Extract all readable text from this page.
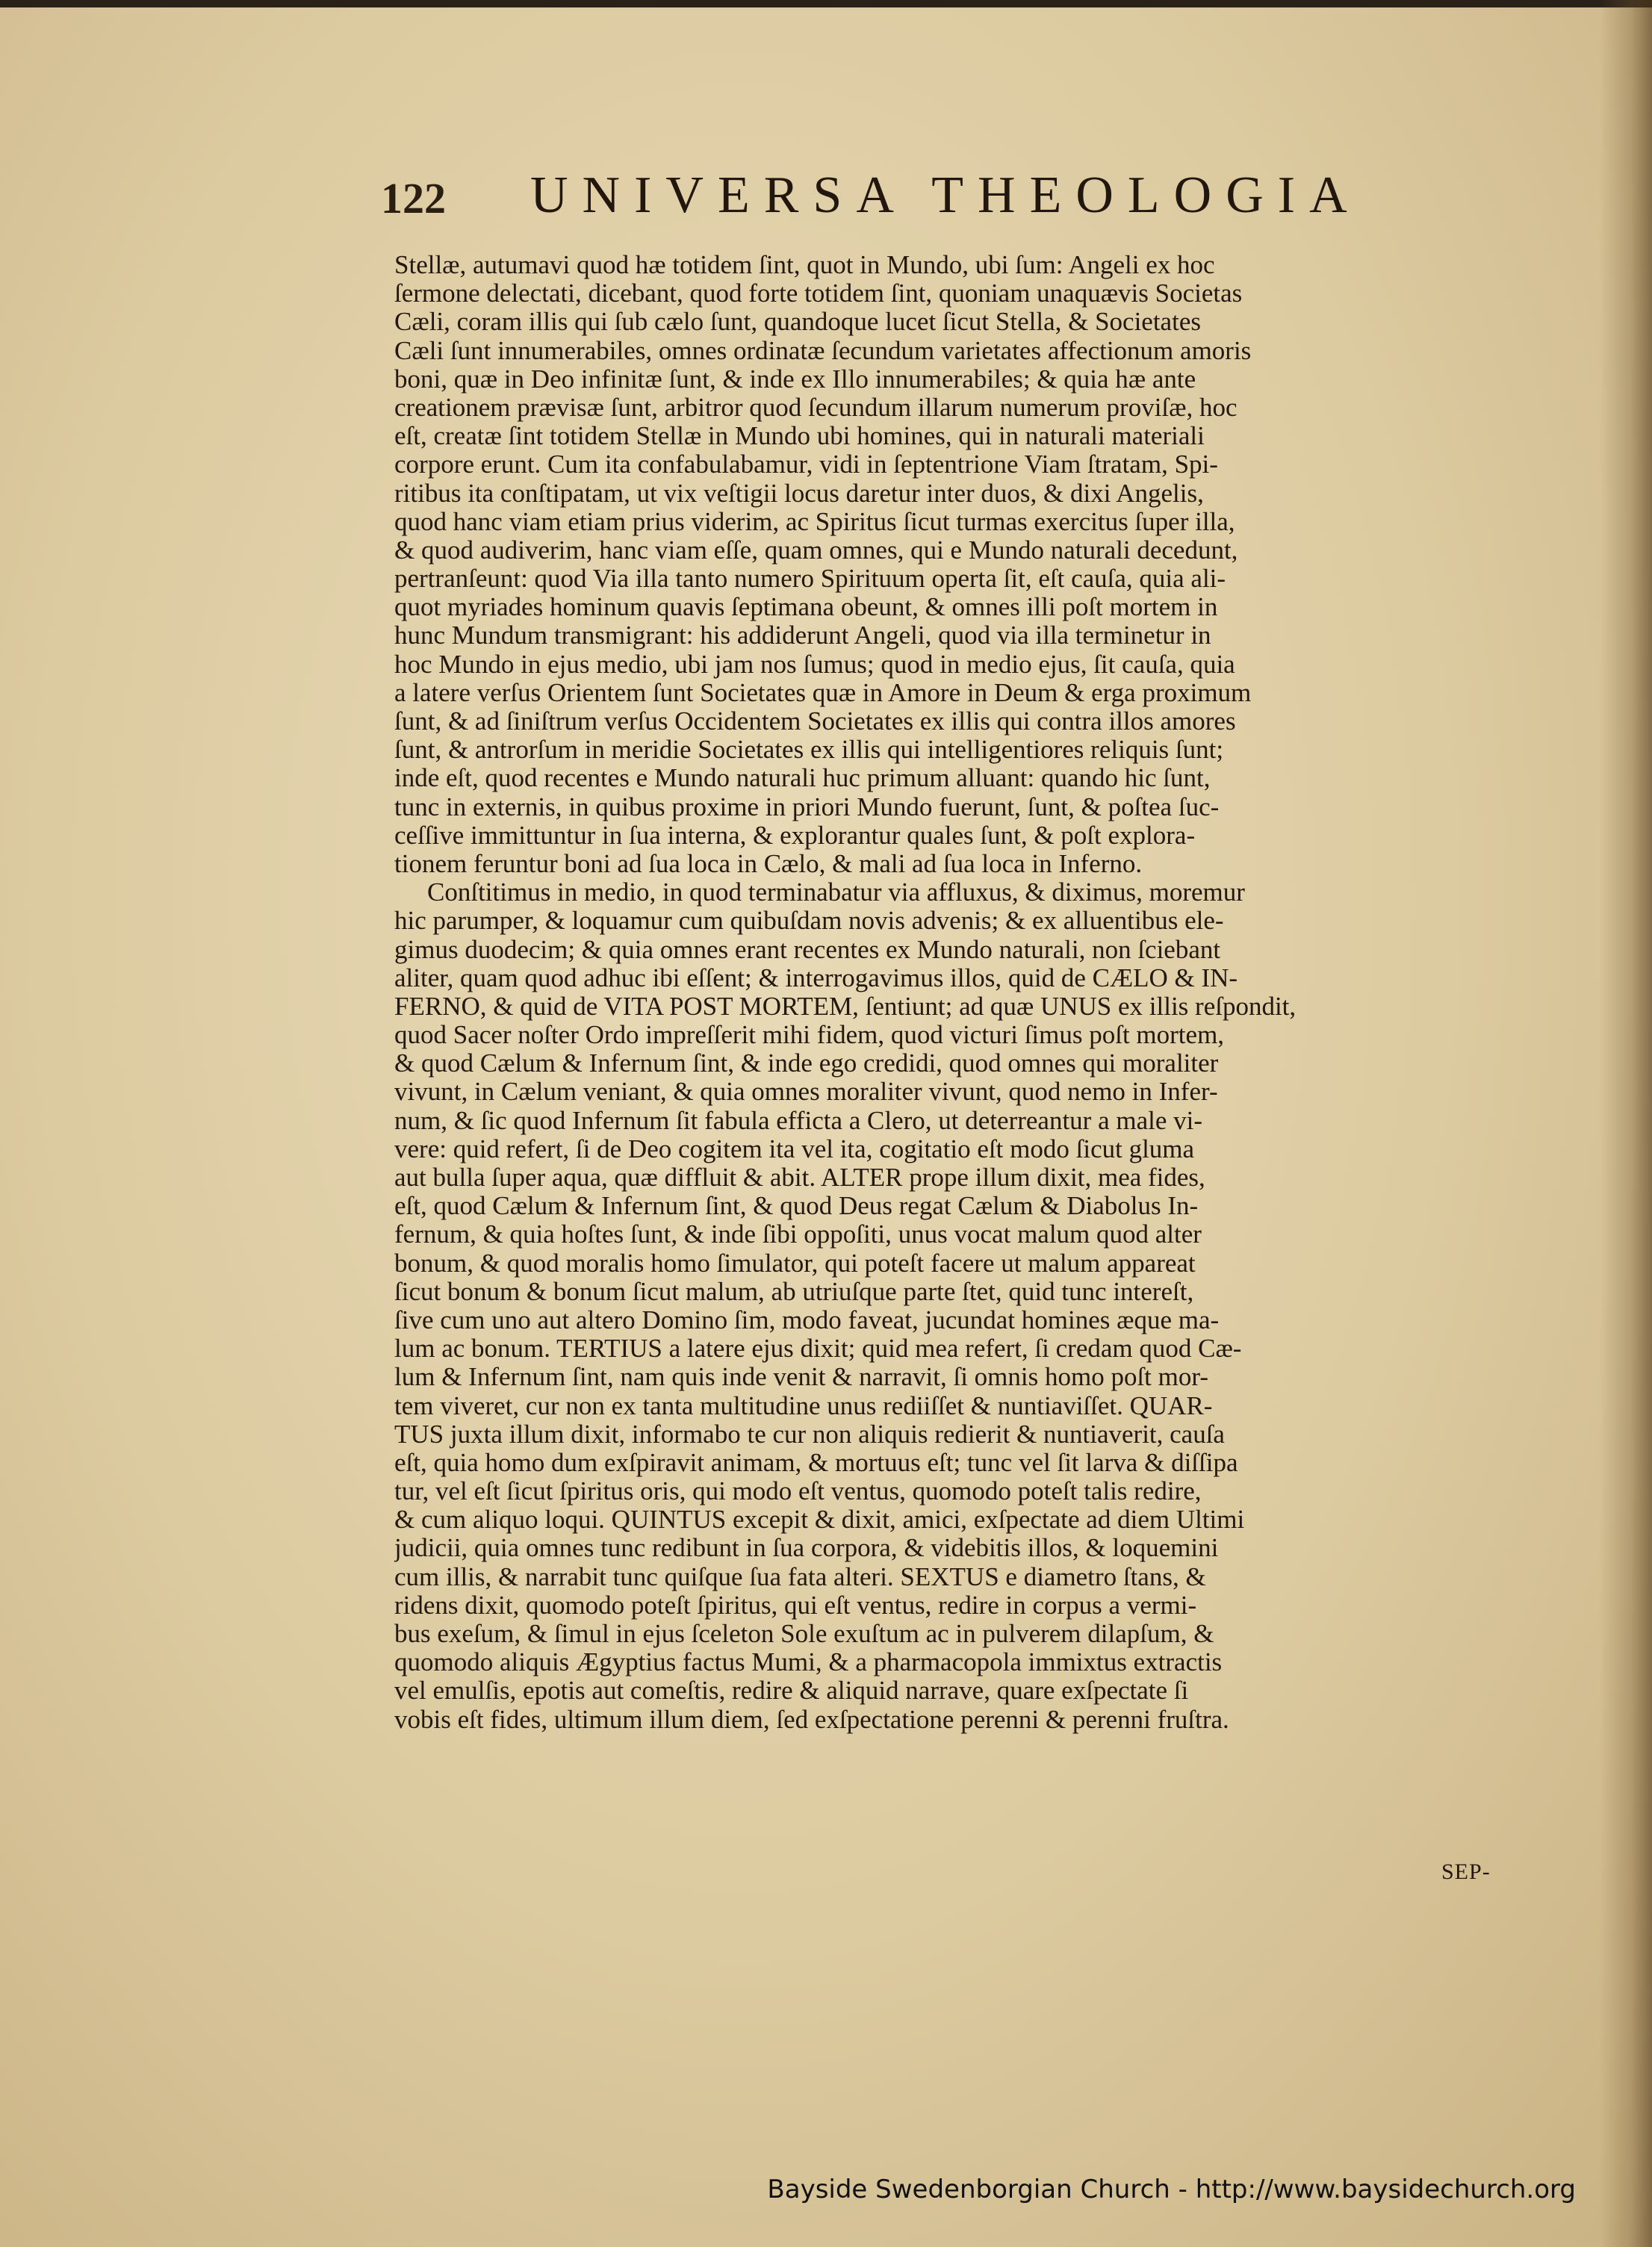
122 UNIVERSA THEOLOGIA
Stellæ, autumavi quod hæ totidem ſint, quot in Mundo, ubi ſum: Angeli ex hoc
ſermone delectati, dicebant, quod forte totidem ſint, quoniam unaquævis Societas
Cæli, coram illis qui ſub cælo ſunt, quandoque lucet ſicut Stella, & Societates
Cæli ſunt innumerabiles, omnes ordinatæ ſecundum varietates affectionum amoris
boni, quæ in Deo infinitæ ſunt, & inde ex Illo innumerabiles; & quia hæ ante
creationem prævisæ ſunt, arbitror quod ſecundum illarum numerum proviſæ, hoc
eſt, creatæ ſint totidem Stellæ in Mundo ubi homines, qui in naturali materiali
corpore erunt. Cum ita confabulabamur, vidi in ſeptentrione Viam ſtratam, Spi-
ritibus ita conſtipatam, ut vix veſtigii locus daretur inter duos, & dixi Angelis,
quod hanc viam etiam prius viderim, ac Spiritus ſicut turmas exercitus ſuper illa,
& quod audiverim, hanc viam eſſe, quam omnes, qui e Mundo naturali decedunt,
pertranſeunt: quod Via illa tanto numero Spirituum operta ſit, eſt cauſa, quia ali-
quot myriades hominum quavis ſeptimana obeunt, & omnes illi poſt mortem in
hunc Mundum transmigrant: his addiderunt Angeli, quod via illa terminetur in
hoc Mundo in ejus medio, ubi jam nos ſumus; quod in medio ejus, ſit cauſa, quia
a latere verſus Orientem ſunt Societates quæ in Amore in Deum & erga proximum
ſunt, & ad ſiniſtrum verſus Occidentem Societates ex illis qui contra illos amores
ſunt, & antrorſum in meridie Societates ex illis qui intelligentiores reliquis ſunt;
inde eſt, quod recentes e Mundo naturali huc primum alluant: quando hic ſunt,
tunc in externis, in quibus proxime in priori Mundo fuerunt, ſunt, & poſtea ſuc-
ceſſive immittuntur in ſua interna, & explorantur quales ſunt, & poſt explora-
tionem feruntur boni ad ſua loca in Cælo, & mali ad ſua loca in Inferno.
Conſtitimus in medio, in quod terminabatur via affluxus, & diximus, moremur
hic parumper, & loquamur cum quibuſdam novis advenis; & ex alluentibus ele-
gimus duodecim; & quia omnes erant recentes ex Mundo naturali, non ſciebant
aliter, quam quod adhuc ibi eſſent; & interrogavimus illos, quid de CÆLO & IN-
FERNO, & quid de VITA POST MORTEM, ſentiunt; ad quæ UNUS ex illis reſpondit,
quod Sacer noſter Ordo impreſſerit mihi fidem, quod victuri ſimus poſt mortem,
& quod Cælum & Infernum ſint, & inde ego credidi, quod omnes qui moraliter
vivunt, in Cælum veniant, & quia omnes moraliter vivunt, quod nemo in Infer-
num, & ſic quod Infernum ſit fabula efficta a Clero, ut deterreantur a male vi-
vere: quid refert, ſi de Deo cogitem ita vel ita, cogitatio eſt modo ſicut gluma
aut bulla ſuper aqua, quæ diffluit & abit. ALTER prope illum dixit, mea fides,
eſt, quod Cælum & Infernum ſint, & quod Deus regat Cælum & Diabolus In-
fernum, & quia hoſtes ſunt, & inde ſibi oppoſiti, unus vocat malum quod alter
bonum, & quod moralis homo ſimulator, qui poteſt facere ut malum appareat
ſicut bonum & bonum ſicut malum, ab utriuſque parte ſtet, quid tunc intereſt,
ſive cum uno aut altero Domino ſim, modo faveat, jucundat homines æque ma-
lum ac bonum. TERTIUS a latere ejus dixit; quid mea refert, ſi credam quod Cæ-
lum & Infernum ſint, nam quis inde venit & narravit, ſi omnis homo poſt mor-
tem viveret, cur non ex tanta multitudine unus rediiſſet & nuntiaviſſet. QUAR-
TUS juxta illum dixit, informabo te cur non aliquis redierit & nuntiaverit, cauſa
eſt, quia homo dum exſpiravit animam, & mortuus eſt; tunc vel ſit larva & diſſipa
tur, vel eſt ſicut ſpiritus oris, qui modo eſt ventus, quomodo poteſt talis redire,
& cum aliquo loqui. QUINTUS excepit & dixit, amici, exſpectate ad diem Ultimi
judicii, quia omnes tunc redibunt in ſua corpora, & videbitis illos, & loquemini
cum illis, & narrabit tunc quiſque ſua fata alteri. SEXTUS e diametro ſtans, &
ridens dixit, quomodo poteſt ſpiritus, qui eſt ventus, redire in corpus a vermi-
bus exeſum, & ſimul in ejus ſceleton Sole exuſtum ac in pulverem dilapſum, &
quomodo aliquis Ægyptius factus Mumi, & a pharmacopola immixtus extractis
vel emulſis, epotis aut comeſtis, redire & aliquid narrave, quare exſpectate ſi
vobis eſt fides, ultimum illum diem, ſed exſpectatione perenni & perenni fruſtra.
SEP-
Bayside Swedenborgian Church - http://www.baysidechurch.org
